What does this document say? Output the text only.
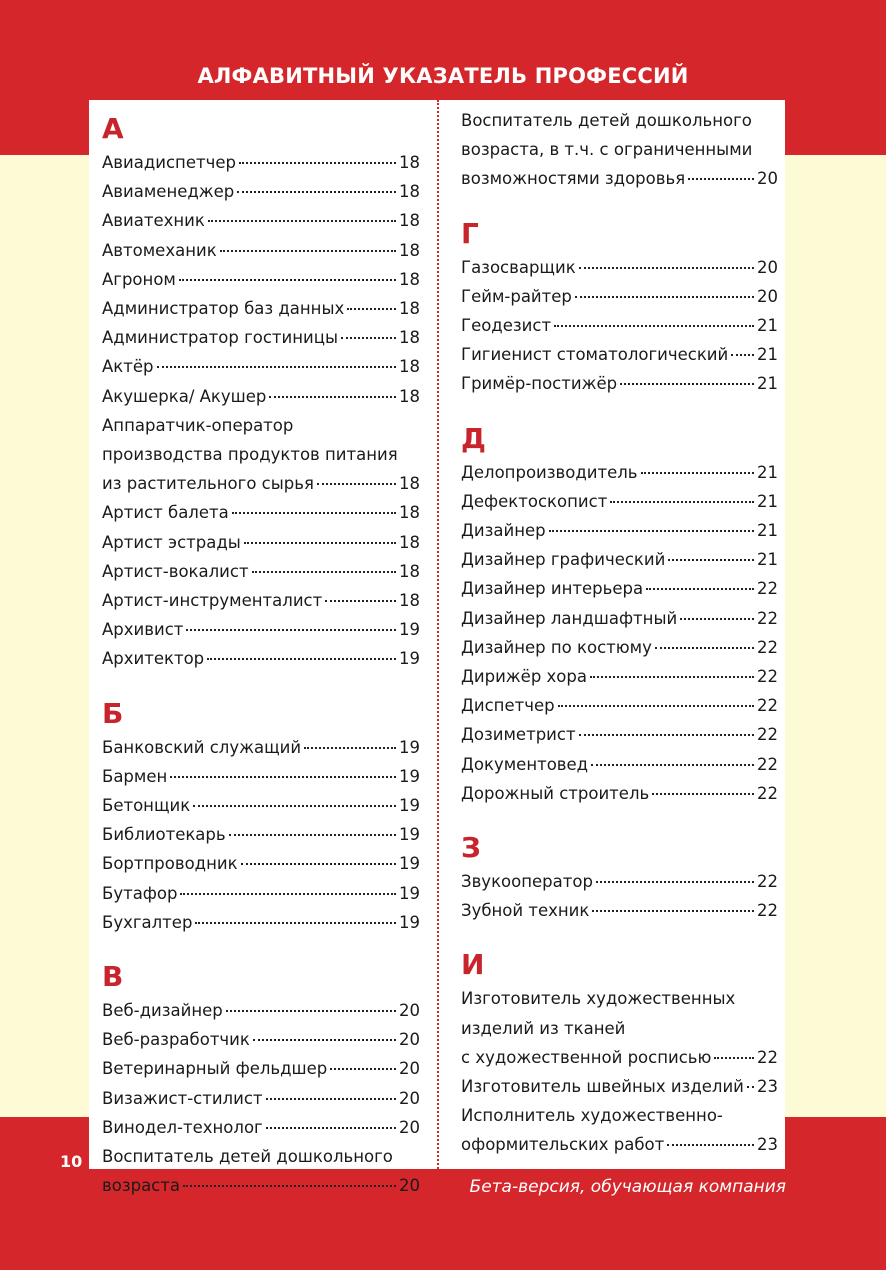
АЛФАВИТНЫЙ УКАЗАТЕЛЬ ПРОФЕССИЙ
А
Авиадиспетчер	18
Авиаменеджер	18
Авиатехник	18
Автомеханик	18
Агроном	18
Администратор баз данных	18
Администратор гостиницы	18
Актёр	18
Акушерка/ Акушер	18
Аппаратчик-оператор
производства продуктов питания
из растительного сырья	18
Артист балета	18
Артист эстрады	18
Артист-вокалист	18
Артист-инструменталист	18
Архивист	19
Архитектор	19
Б
Банковский служащий	19
Бармен	19
Бетонщик	19
Библиотекарь	19
Бортпроводник	19
Бутафор	19
Бухгалтер	19
В
Веб-дизайнер	20
Веб-разработчик	20
Ветеринарный фельдшер	20
Визажист-стилист	20
Винодел-технолог	20
Воспитатель детей дошкольного
возраста	20
Воспитатель детей дошкольного
возраста, в т.ч. с ограниченными
возможностями здоровья	20
Г
Газосварщик	20
Гейм-райтер	20
Геодезист	21
Гигиенист стоматологический 21
Гримёр-постижёр	21
Д
Делопроизводитель	21
Дефектоскопист	21
Дизайнер	21
Дизайнер графический	21
Дизайнер интерьера	22
Дизайнер ландшафтный	22
Дизайнер по костюму	22
Дирижёр хора	22
Диспетчер	22
Дозиметрист	22
Документовед	22
Дорожный строитель	22
З
Звукооператор	22
Зубной техник	22
И
Изготовитель художественных
изделий из тканей
с художественной росписью	22
Изготовитель швейных изделий 23
Исполнитель художественно-
оформительских работ	23
10
Бета-версия, обучающая компания
